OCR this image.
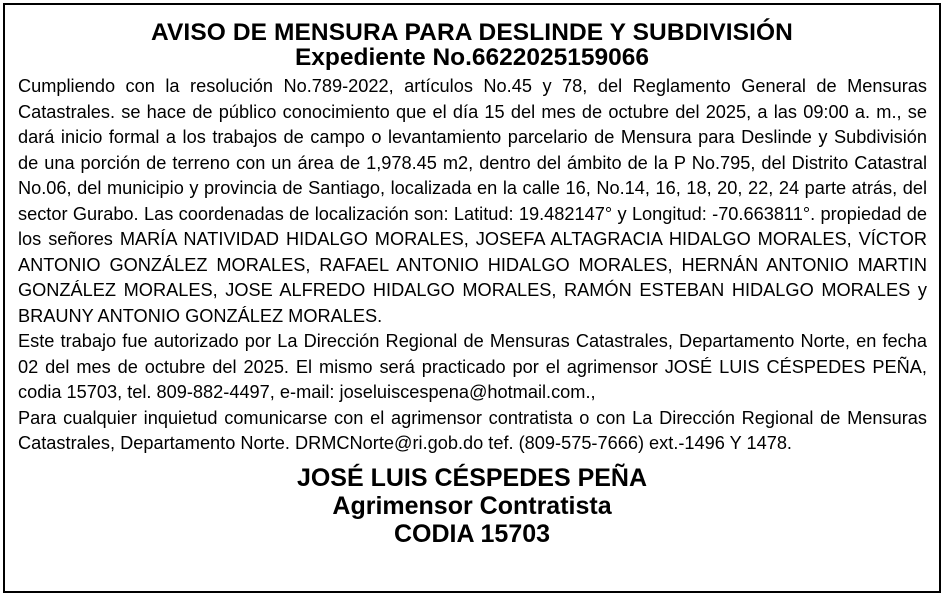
AVISO DE MENSURA PARA DESLINDE Y SUBDIVISIÓN
Expediente No.6622025159066

Cumpliendo con la resolución No.789-2022, artículos No.45 y 78, del Reglamento General de Mensuras Catastrales. se hace de público conocimiento que el día 15 del mes de octubre del 2025, a las 09:00 a. m., se dará inicio formal a los trabajos de campo o levantamiento parcelario de Mensura para Deslinde y Subdivisión de una porción de terreno con un área de 1,978.45 m2, dentro del ámbito de la P No.795, del Distrito Catastral No.06, del municipio y provincia de Santiago, localizada en la calle 16, No.14, 16, 18, 20, 22, 24 parte atrás, del sector Gurabo. Las coordenadas de localización son: Latitud: 19.482147° y Longitud: -70.663811°. propiedad de los señores MARÍA NATIVIDAD HIDALGO MORALES, JOSEFA ALTAGRACIA HIDALGO MORALES, VÍCTOR ANTONIO GONZÁLEZ MORALES, RAFAEL ANTONIO HIDALGO MORALES, HERNÁN ANTONIO MARTIN GONZÁLEZ MORALES, JOSE ALFREDO HIDALGO MORALES, RAMÓN ESTEBAN HIDALGO MORALES y BRAUNY ANTONIO GONZÁLEZ MORALES.

Este trabajo fue autorizado por La Dirección Regional de Mensuras Catastrales, Departamento Norte, en fecha 02 del mes de octubre del 2025. El mismo será practicado por el agrimensor JOSÉ LUIS CÉSPEDES PEÑA, codia 15703, tel. 809-882-4497, e-mail: joseluiscespena@hotmail.com.,

Para cualquier inquietud comunicarse con el agrimensor contratista o con La Dirección Regional de Mensuras Catastrales, Departamento Norte. DRMCNorte@ri.gob.do tef. (809-575-7666) ext.-1496 Y 1478.

JOSÉ LUIS CÉSPEDES PEÑA
Agrimensor Contratista
CODIA 15703
